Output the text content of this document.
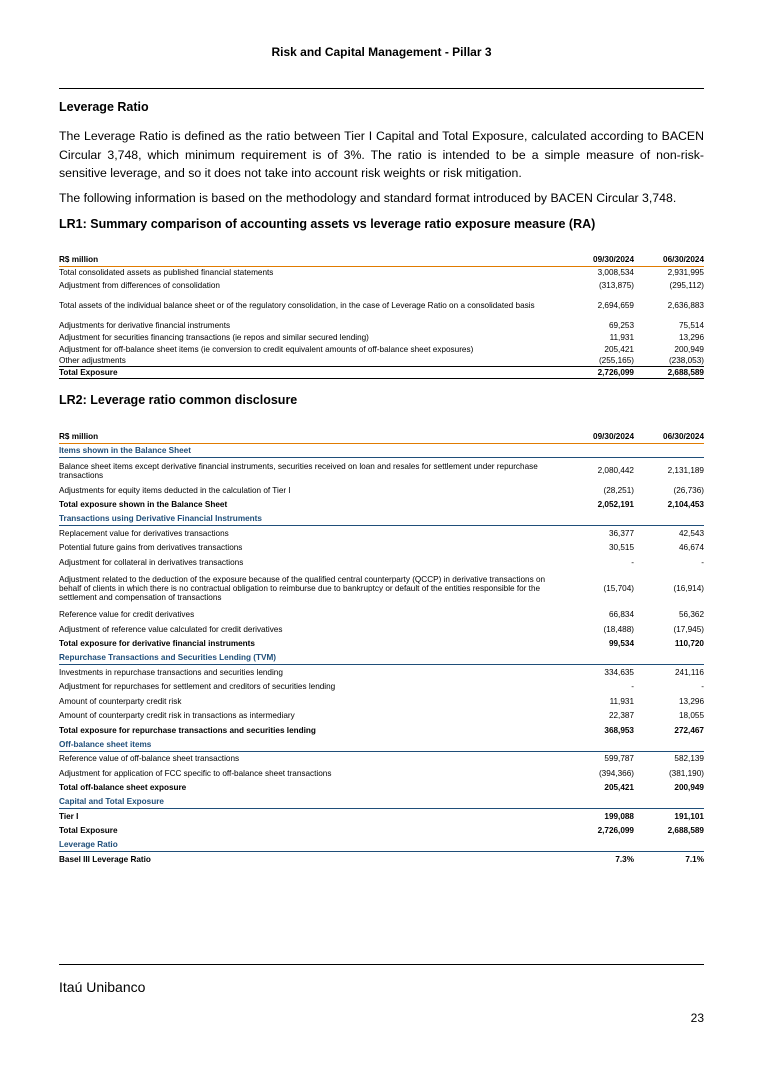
Risk and Capital Management - Pillar 3
Leverage Ratio

The Leverage Ratio is defined as the ratio between Tier I Capital and Total Exposure, calculated according to BACEN Circular 3,748, which minimum requirement is of 3%. The ratio is intended to be a simple measure of non-risk-sensitive leverage, and so it does not take into account risk weights or risk mitigation.

The following information is based on the methodology and standard format introduced by BACEN Circular 3,748.

LR1: Summary comparison of accounting assets vs leverage ratio exposure measure (RA)
R$ million	09/30/2024	06/30/2024
Total consolidated assets as published financial statements	3,008,534	2,931,995
Adjustment from differences of consolidation	(313,875)	(295,112)
Total assets of the individual balance sheet or of the regulatory consolidation, in the case of Leverage Ratio on a consolidated basis	2,694,659	2,636,883
Adjustments for derivative financial instruments	69,253	75,514
Adjustment for securities financing transactions (ie repos and similar secured lending)	11,931	13,296
Adjustment for off-balance sheet items (ie conversion to credit equivalent amounts of off-balance sheet exposures)	205,421	200,949
Other adjustments	(255,165)	(238,053)
Total Exposure	2,726,099	2,688,589
LR2: Leverage ratio common disclosure
R$ million	09/30/2024	06/30/2024
Items shown in the Balance Sheet		
Balance sheet items except derivative financial instruments, securities received on loan and resales for settlement under repurchase transactions	2,080,442	2,131,189
Adjustments for equity items deducted in the calculation of Tier I	(28,251)	(26,736)
Total exposure shown in the Balance Sheet	2,052,191	2,104,453
Transactions using Derivative Financial Instruments		
Replacement value for derivatives transactions	36,377	42,543
Potential future gains from derivatives transactions	30,515	46,674
Adjustment for collateral in derivatives transactions	-	-
Adjustment related to the deduction of the exposure because of the qualified central counterparty (QCCP) in derivative transactions on behalf of clients in which there is no contractual obligation to reimburse due to bankruptcy or default of the entities responsible for the settlement and compensation of transactions	(15,704)	(16,914)
Reference value for credit derivatives	66,834	56,362
Adjustment of reference value calculated for credit derivatives	(18,488)	(17,945)
Total exposure for derivative financial instruments	99,534	110,720
Repurchase Transactions and Securities Lending (TVM)		
Investments in repurchase transactions and securities lending	334,635	241,116
Adjustment for repurchases for settlement and creditors of securities lending	-	-
Amount of counterparty credit risk	11,931	13,296
Amount of counterparty credit risk in transactions as intermediary	22,387	18,055
Total exposure for repurchase transactions and securities lending	368,953	272,467
Off-balance sheet items		
Reference value of off-balance sheet transactions	599,787	582,139
Adjustment for application of FCC specific to off-balance sheet transactions	(394,366)	(381,190)
Total off-balance sheet exposure	205,421	200,949
Capital and Total Exposure		
Tier I	199,088	191,101
Total Exposure	2,726,099	2,688,589
Leverage Ratio		
Basel III Leverage Ratio	7.3%	7.1%
Itaú Unibanco
23
